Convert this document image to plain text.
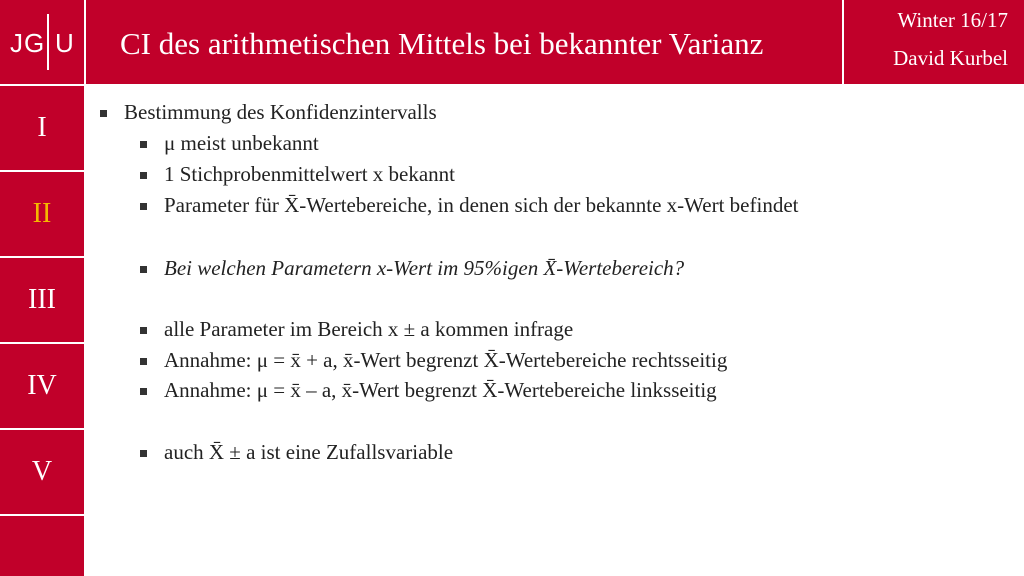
JG U CI des arithmetischen Mittels bei bekannter Varianz
Winter 16/17
David Kurbel
I
II
III
IV
V
Bestimmung des Konfidenzintervalls
μ meist unbekannt
1 Stichprobenmittelwert x bekannt
Parameter für X̄-Wertebereiche, in denen sich der bekannte x-Wert befindet
Bei welchen Parametern x-Wert im 95%igen X̄-Wertebereich?
alle Parameter im Bereich x ± a kommen infrage
Annahme: μ = x̄ + a, x̄-Wert begrenzt X̄-Wertebereiche rechtsseitig
Annahme: μ = x̄ – a, x̄-Wert begrenzt X̄-Wertebereiche linksseitig
auch X̄ ± a ist eine Zufallsvariable
